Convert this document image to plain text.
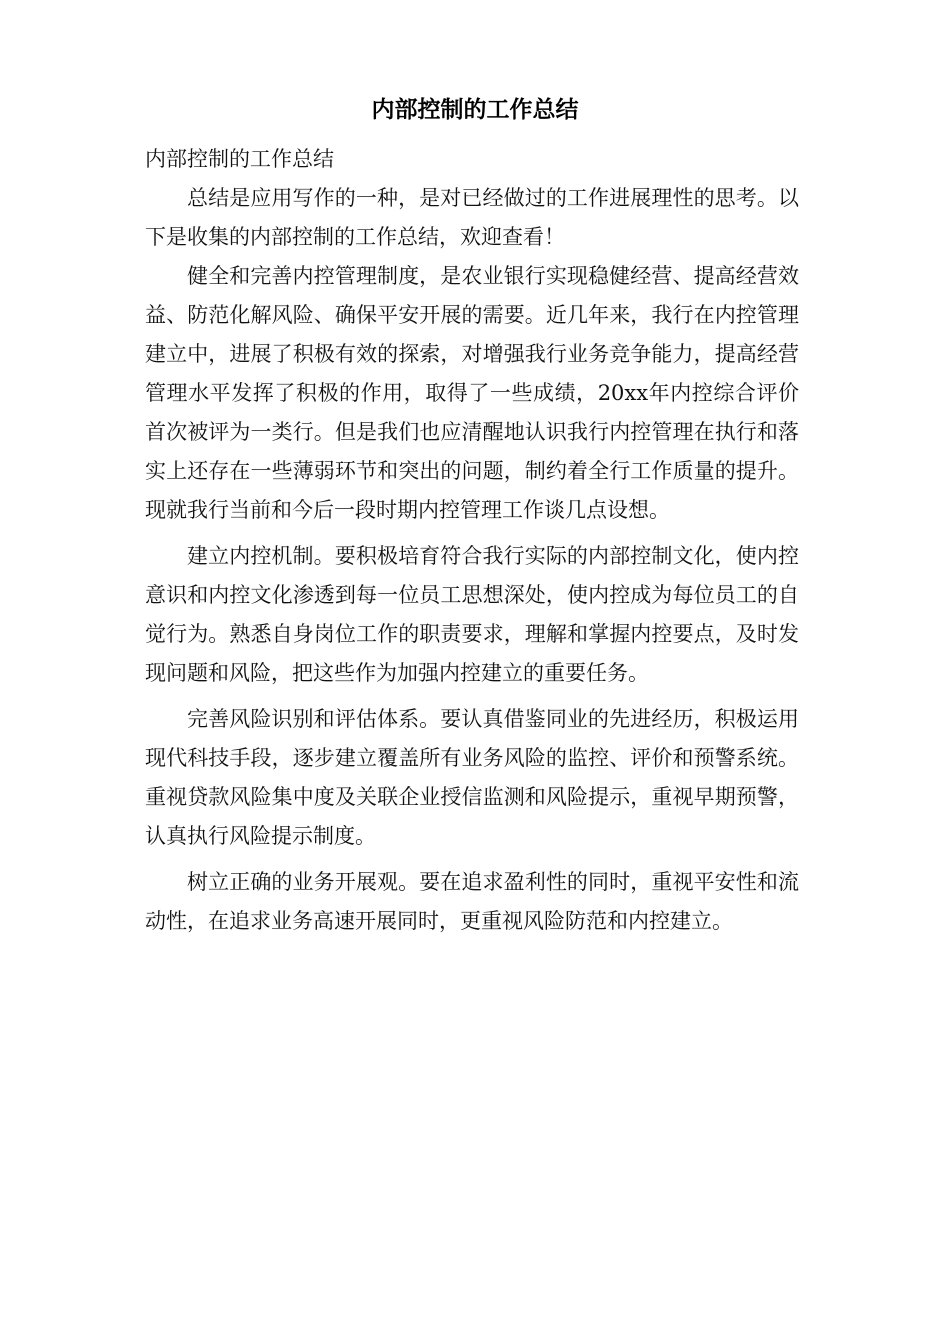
内部控制的工作总结

内部控制的工作总结

总结是应用写作的一种，是对已经做过的工作进展理性的思考。以下是收集的内部控制的工作总结，欢迎查看！

健全和完善内控管理制度，是农业银行实现稳健经营、提高经营效益、防范化解风险、确保平安开展的需要。近几年来，我行在内控管理建立中，进展了积极有效的探索，对增强我行业务竞争能力，提高经营管理水平发挥了积极的作用，取得了一些成绩，20xx年内控综合评价首次被评为一类行。但是我们也应清醒地认识我行内控管理在执行和落实上还存在一些薄弱环节和突出的问题，制约着全行工作质量的提升。现就我行当前和今后一段时期内控管理工作谈几点设想。

建立内控机制。要积极培育符合我行实际的内部控制文化，使内控意识和内控文化渗透到每一位员工思想深处，使内控成为每位员工的自觉行为。熟悉自身岗位工作的职责要求，理解和掌握内控要点，及时发现问题和风险，把这些作为加强内控建立的重要任务。

完善风险识别和评估体系。要认真借鉴同业的先进经历，积极运用现代科技手段，逐步建立覆盖所有业务风险的监控、评价和预警系统。重视贷款风险集中度及关联企业授信监测和风险提示，重视早期预警，认真执行风险提示制度。

树立正确的业务开展观。要在追求盈利性的同时，重视平安性和流动性，在追求业务高速开展同时，更重视风险防范和内控建立。
